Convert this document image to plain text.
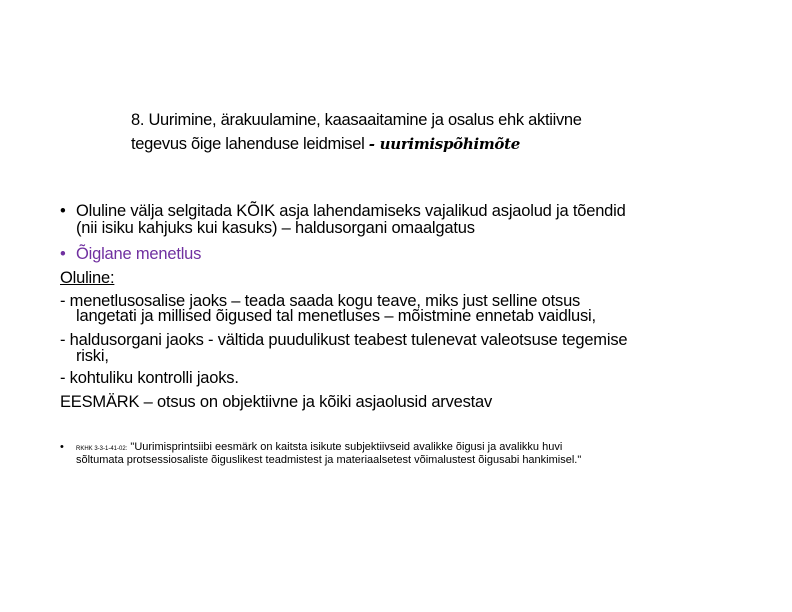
8. Uurimine, ärakuulamine, kaasaaitamine ja osalus ehk aktiivne
tegevus õige lahenduse leidmisel - uurimispõhimõte
• Oluline välja selgitada KÕIK asja lahendamiseks vajalikud asjaolud ja tõendid
(nii isiku kahjuks kui kasuks) – haldusorgani omaalgatus
• Õiglane menetlus
Oluline:
- menetlusosalise jaoks – teada saada kogu teave, miks just selline otsus
langetati ja millised õigused tal menetluses – mõistmine ennetab vaidlusi,
- haldusorgani jaoks - vältida puudulikust teabest tulenevat valeotsuse tegemise
riski,
- kohtuliku kontrolli jaoks.
EESMÄRK – otsus on objektiivne ja kõiki asjaolusid arvestav
• RKHK 3-3-1-41-02: "Uurimisprintsiibi eesmärk on kaitsta isikute subjektiivseid avalikke õigusi ja avalikku huvi
sõltumata protsessiosaliste õiguslikest teadmistest ja materiaalsetest võimalustest õigusabi hankimisel."
